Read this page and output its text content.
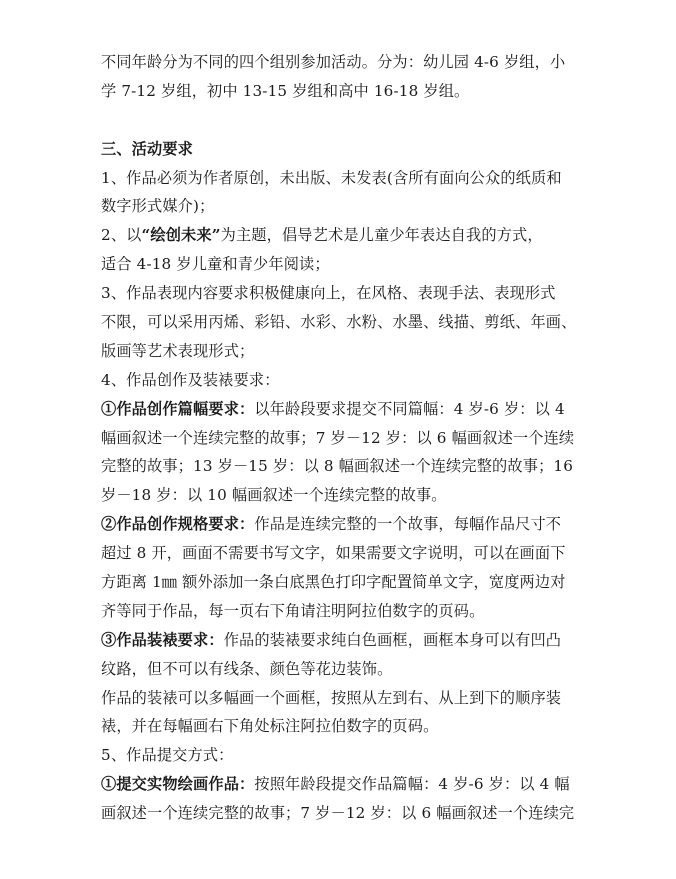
不同年龄分为不同的四个组别参加活动。分为：幼儿园 4-6 岁组，小
学 7-12 岁组，初中 13-15 岁组和高中 16-18 岁组。
三、活动要求
1、作品必须为作者原创，未出版、未发表(含所有面向公众的纸质和
数字形式媒介)；
2、以“绘创未来”为主题，倡导艺术是儿童少年表达自我的方式，
适合 4-18 岁儿童和青少年阅读；
3、作品表现内容要求积极健康向上，在风格、表现手法、表现形式
不限，可以采用丙烯、彩铅、水彩、水粉、水墨、线描、剪纸、年画、
版画等艺术表现形式；
4、作品创作及装裱要求：
①作品创作篇幅要求：以年龄段要求提交不同篇幅：4 岁-6 岁：以 4
幅画叙述一个连续完整的故事；7 岁－12 岁：以 6 幅画叙述一个连续
完整的故事；13 岁－15 岁：以 8 幅画叙述一个连续完整的故事；16
岁－18 岁：以 10 幅画叙述一个连续完整的故事。
②作品创作规格要求：作品是连续完整的一个故事，每幅作品尺寸不
超过 8 开，画面不需要书写文字，如果需要文字说明，可以在画面下
方距离 1㎜ 额外添加一条白底黑色打印字配置简单文字，宽度两边对
齐等同于作品，每一页右下角请注明阿拉伯数字的页码。
③作品装裱要求：作品的装裱要求纯白色画框，画框本身可以有凹凸
纹路，但不可以有线条、颜色等花边装饰。
作品的装裱可以多幅画一个画框，按照从左到右、从上到下的顺序装
裱，并在每幅画右下角处标注阿拉伯数字的页码。
5、作品提交方式：
①提交实物绘画作品：按照年龄段提交作品篇幅：4 岁-6 岁：以 4 幅
画叙述一个连续完整的故事；7 岁－12 岁：以 6 幅画叙述一个连续完
